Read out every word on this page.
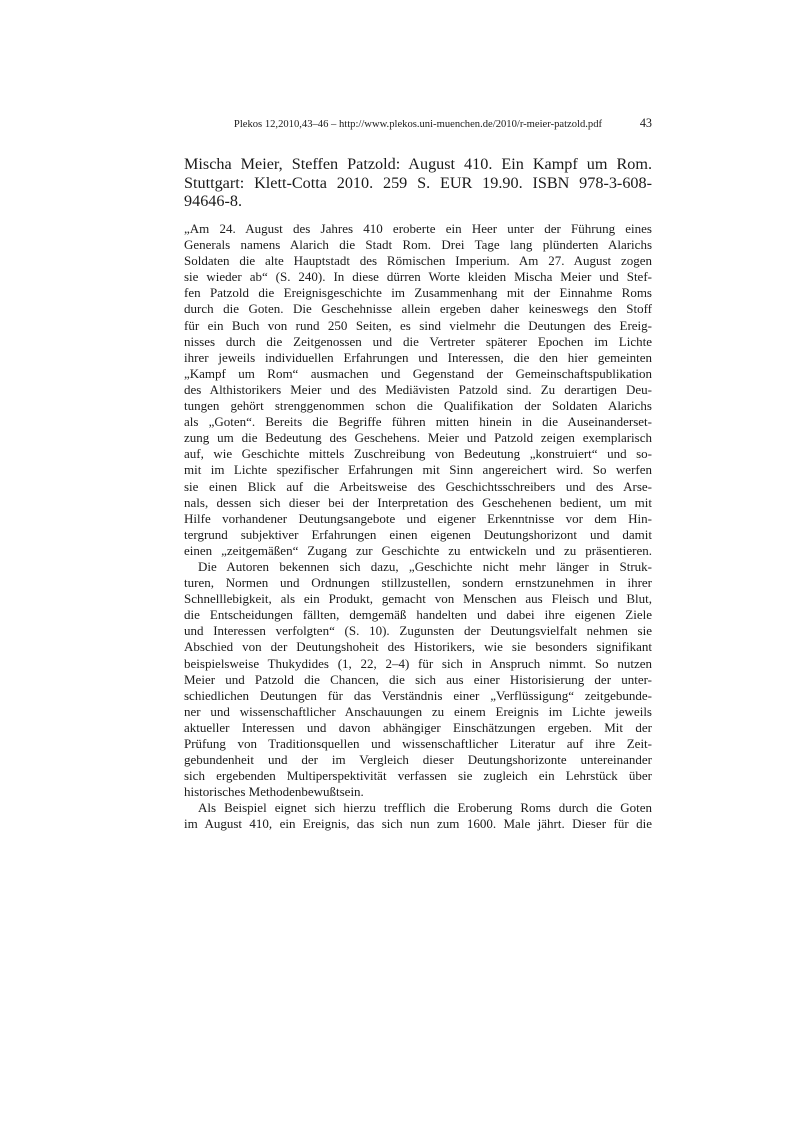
Plekos 12,2010,43–46 – http://www.plekos.uni-muenchen.de/2010/r-meier-patzold.pdf	43
Mischa Meier, Steffen Patzold: August 410. Ein Kampf um Rom.
Stuttgart: Klett-Cotta 2010. 259 S. EUR 19.90. ISBN 978-3-608-
94646-8.
„Am 24. August des Jahres 410 eroberte ein Heer unter der Führung eines
Generals namens Alarich die Stadt Rom. Drei Tage lang plünderten Alarichs
Soldaten die alte Hauptstadt des Römischen Imperium. Am 27. August zogen
sie wieder ab“ (S. 240). In diese dürren Worte kleiden Mischa Meier und Stef-
fen Patzold die Ereignisgeschichte im Zusammenhang mit der Einnahme Roms
durch die Goten. Die Geschehnisse allein ergeben daher keineswegs den Stoff
für ein Buch von rund 250 Seiten, es sind vielmehr die Deutungen des Ereig-
nisses durch die Zeitgenossen und die Vertreter späterer Epochen im Lichte
ihrer jeweils individuellen Erfahrungen und Interessen, die den hier gemeinten
„Kampf um Rom“ ausmachen und Gegenstand der Gemeinschaftspublikation
des Althistorikers Meier und des Mediävisten Patzold sind. Zu derartigen Deu-
tungen gehört strenggenommen schon die Qualifikation der Soldaten Alarichs
als „Goten“. Bereits die Begriffe führen mitten hinein in die Auseinanderset-
zung um die Bedeutung des Geschehens. Meier und Patzold zeigen exemplarisch
auf, wie Geschichte mittels Zuschreibung von Bedeutung „konstruiert“ und so-
mit im Lichte spezifischer Erfahrungen mit Sinn angereichert wird. So werfen
sie einen Blick auf die Arbeitsweise des Geschichtsschreibers und des Arse-
nals, dessen sich dieser bei der Interpretation des Geschehenen bedient, um mit
Hilfe vorhandener Deutungsangebote und eigener Erkenntnisse vor dem Hin-
tergrund subjektiver Erfahrungen einen eigenen Deutungshorizont und damit
einen „zeitgemäßen“ Zugang zur Geschichte zu entwickeln und zu präsentieren.
Die Autoren bekennen sich dazu, „Geschichte nicht mehr länger in Struk-
turen, Normen und Ordnungen stillzustellen, sondern ernstzunehmen in ihrer
Schnelllebigkeit, als ein Produkt, gemacht von Menschen aus Fleisch und Blut,
die Entscheidungen fällten, demgemäß handelten und dabei ihre eigenen Ziele
und Interessen verfolgten“ (S. 10). Zugunsten der Deutungsvielfalt nehmen sie
Abschied von der Deutungshoheit des Historikers, wie sie besonders signifikant
beispielsweise Thukydides (1, 22, 2–4) für sich in Anspruch nimmt. So nutzen
Meier und Patzold die Chancen, die sich aus einer Historisierung der unter-
schiedlichen Deutungen für das Verständnis einer „Verflüssigung“ zeitgebunde-
ner und wissenschaftlicher Anschauungen zu einem Ereignis im Lichte jeweils
aktueller Interessen und davon abhängiger Einschätzungen ergeben. Mit der
Prüfung von Traditionsquellen und wissenschaftlicher Literatur auf ihre Zeit-
gebundenheit und der im Vergleich dieser Deutungshorizonte untereinander
sich ergebenden Multiperspektivität verfassen sie zugleich ein Lehrstück über
historisches Methodenbewußtsein.
Als Beispiel eignet sich hierzu trefflich die Eroberung Roms durch die Goten
im August 410, ein Ereignis, das sich nun zum 1600. Male jährt. Dieser für die
